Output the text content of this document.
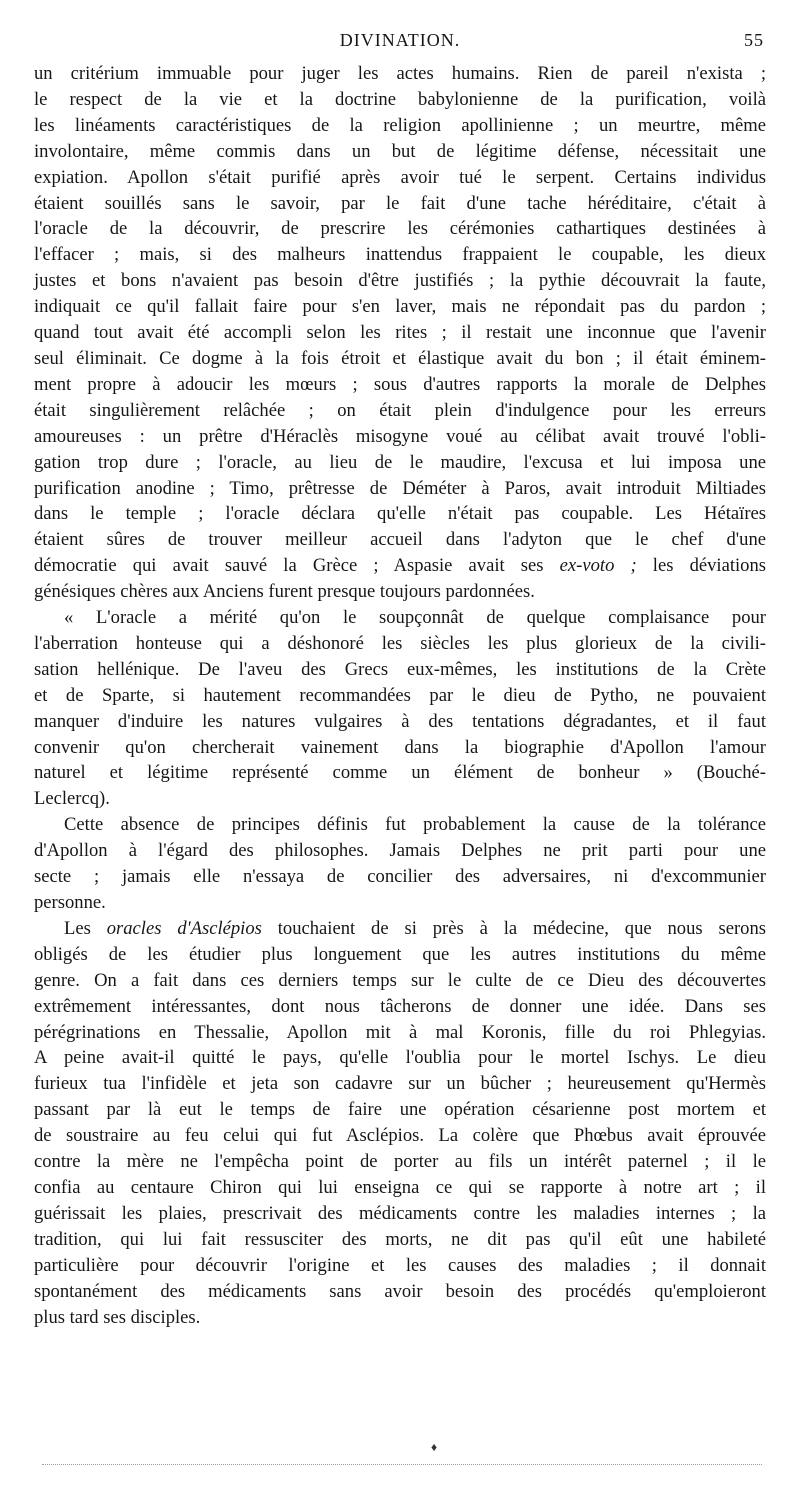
DIVINATION.	55
un critérium immuable pour juger les actes humains. Rien de pareil n'exista ;
le respect de la vie et la doctrine babylonienne de la purification, voilà
les linéaments caractéristiques de la religion apollinienne ; un meurtre, même
involontaire, même commis dans un but de légitime défense, nécessitait une
expiation. Apollon s'était purifié après avoir tué le serpent. Certains individus
étaient souillés sans le savoir, par le fait d'une tache héréditaire, c'était à
l'oracle de la découvrir, de prescrire les cérémonies cathartiques destinées à
l'effacer ; mais, si des malheurs inattendus frappaient le coupable, les dieux
justes et bons n'avaient pas besoin d'être justifiés ; la pythie découvrait la faute,
indiquait ce qu'il fallait faire pour s'en laver, mais ne répondait pas du pardon ;
quand tout avait été accompli selon les rites ; il restait une inconnue que l'avenir
seul éliminait. Ce dogme à la fois étroit et élastique avait du bon ; il était éminem-
ment propre à adoucir les mœurs ; sous d'autres rapports la morale de Delphes
était singulièrement relâchée ; on était plein d'indulgence pour les erreurs
amoureuses : un prêtre d'Héraclès misogyne voué au célibat avait trouvé l'obli-
gation trop dure ; l'oracle, au lieu de le maudire, l'excusa et lui imposa une
purification anodine ; Timo, prêtresse de Déméter à Paros, avait introduit Miltiades
dans le temple ; l'oracle déclara qu'elle n'était pas coupable. Les Hétaïres
étaient sûres de trouver meilleur accueil dans l'adyton que le chef d'une
démocratie qui avait sauvé la Grèce ; Aspasie avait ses ex-voto ; les déviations
génésiques chères aux Anciens furent presque toujours pardonnées.
« L'oracle a mérité qu'on le soupçonnât de quelque complaisance pour
l'aberration honteuse qui a déshonoré les siècles les plus glorieux de la civili-
sation hellénique. De l'aveu des Grecs eux-mêmes, les institutions de la Crète
et de Sparte, si hautement recommandées par le dieu de Pytho, ne pouvaient
manquer d'induire les natures vulgaires à des tentations dégradantes, et il faut
convenir qu'on chercherait vainement dans la biographie d'Apollon l'amour
naturel et légitime représenté comme un élément de bonheur » (Bouché-
Leclercq).
Cette absence de principes définis fut probablement la cause de la tolérance
d'Apollon à l'égard des philosophes. Jamais Delphes ne prit parti pour une
secte ; jamais elle n'essaya de concilier des adversaires, ni d'excommunier
personne.
Les oracles d'Asclépios touchaient de si près à la médecine, que nous serons
obligés de les étudier plus longuement que les autres institutions du même
genre. On a fait dans ces derniers temps sur le culte de ce Dieu des découvertes
extrêmement intéressantes, dont nous tâcherons de donner une idée. Dans ses
pérégrinations en Thessalie, Apollon mit à mal Koronis, fille du roi Phlegyias.
A peine avait-il quitté le pays, qu'elle l'oublia pour le mortel Ischys. Le dieu
furieux tua l'infidèle et jeta son cadavre sur un bûcher ; heureusement qu'Hermès
passant par là eut le temps de faire une opération césarienne post mortem et
de soustraire au feu celui qui fut Asclépios. La colère que Phœbus avait éprouvée
contre la mère ne l'empêcha point de porter au fils un intérêt paternel ; il le
confia au centaure Chiron qui lui enseigna ce qui se rapporte à notre art ; il
guérissait les plaies, prescrivait des médicaments contre les maladies internes ; la
tradition, qui lui fait ressusciter des morts, ne dit pas qu'il eût une habileté
particulière pour découvrir l'origine et les causes des maladies ; il donnait
spontanément des médicaments sans avoir besoin des procédés qu'emploieront
plus tard ses disciples.
♦
